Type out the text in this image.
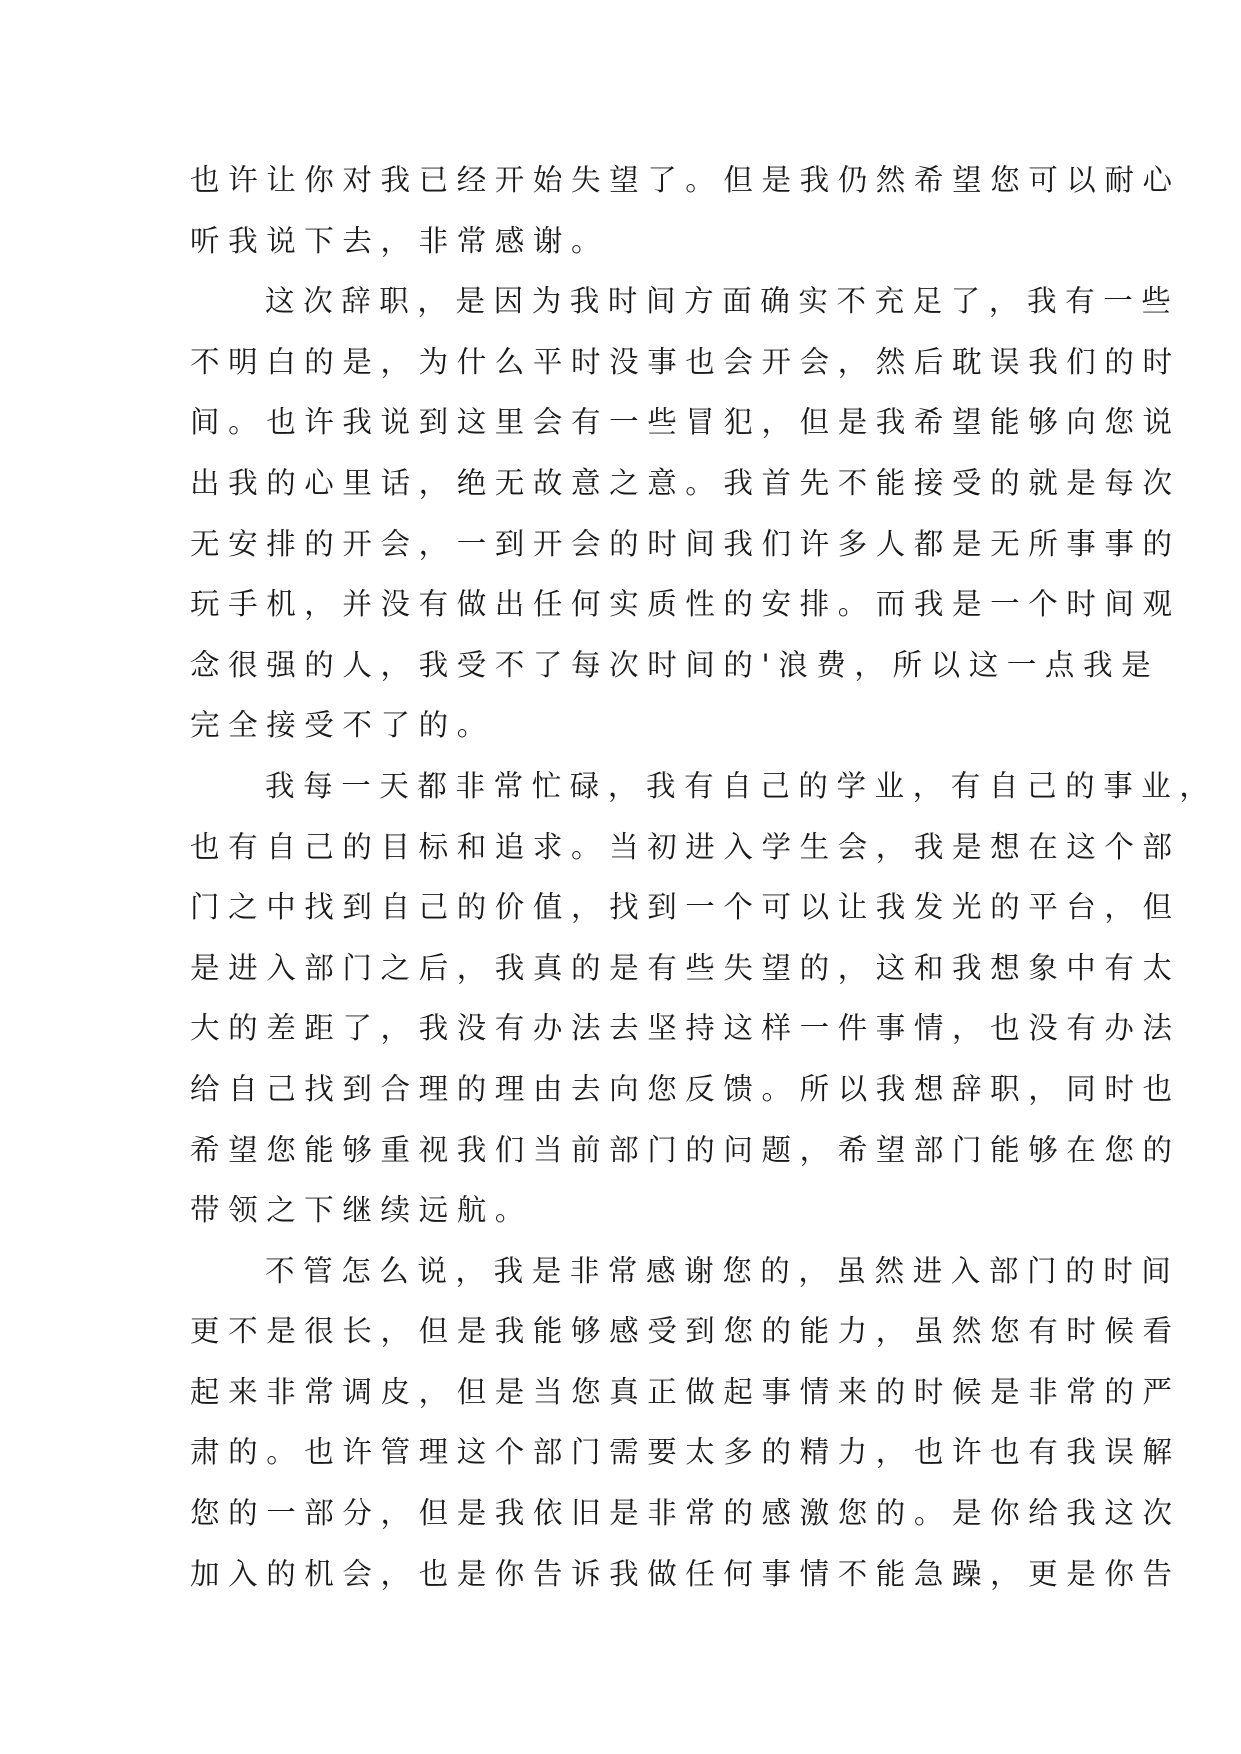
也许让你对我已经开始失望了。但是我仍然希望您可以耐心
听我说下去，非常感谢。

这次辞职，是因为我时间方面确实不充足了，我有一些
不明白的是，为什么平时没事也会开会，然后耽误我们的时
间。也许我说到这里会有一些冒犯，但是我希望能够向您说
出我的心里话，绝无故意之意。我首先不能接受的就是每次
无安排的开会，一到开会的时间我们许多人都是无所事事的
玩手机，并没有做出任何实质性的安排。而我是一个时间观
念很强的人，我受不了每次时间的'浪费，所以这一点我是
完全接受不了的。

我每一天都非常忙碌，我有自己的学业，有自己的事业，
也有自己的目标和追求。当初进入学生会，我是想在这个部
门之中找到自己的价值，找到一个可以让我发光的平台，但
是进入部门之后，我真的是有些失望的，这和我想象中有太
大的差距了，我没有办法去坚持这样一件事情，也没有办法
给自己找到合理的理由去向您反馈。所以我想辞职，同时也
希望您能够重视我们当前部门的问题，希望部门能够在您的
带领之下继续远航。

不管怎么说，我是非常感谢您的，虽然进入部门的时间
更不是很长，但是我能够感受到您的能力，虽然您有时候看
起来非常调皮，但是当您真正做起事情来的时候是非常的严
肃的。也许管理这个部门需要太多的精力，也许也有我误解
您的一部分，但是我依旧是非常的感激您的。是你给我这次
加入的机会，也是你告诉我做任何事情不能急躁，更是你告
